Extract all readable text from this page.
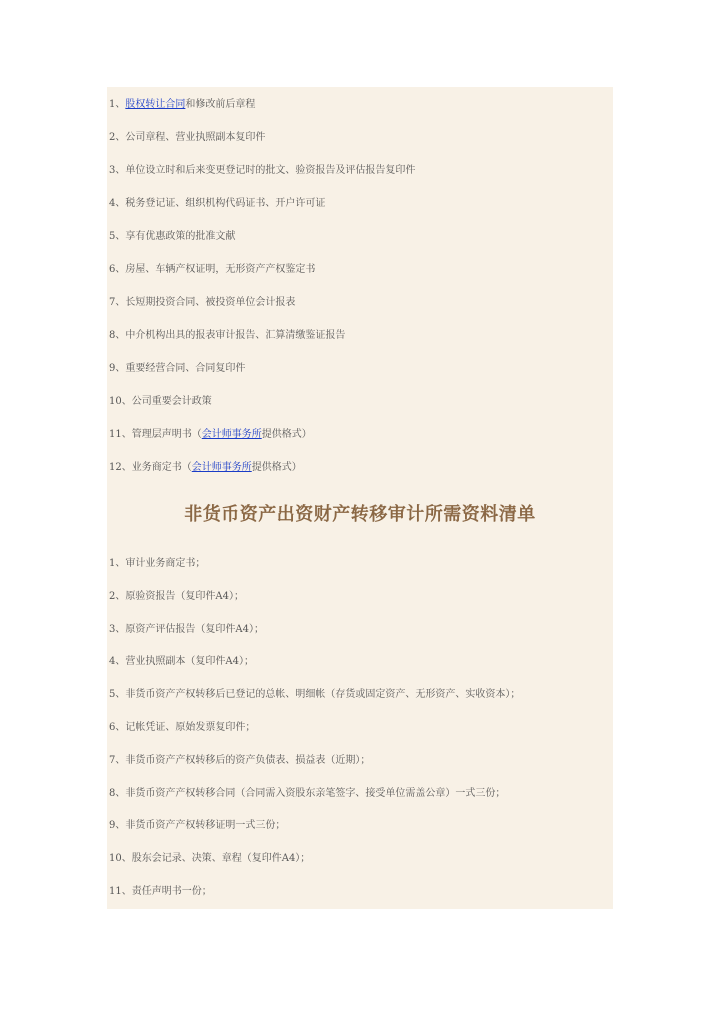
1、股权转让合同和修改前后章程
2、公司章程、营业执照副本复印件
3、单位设立时和后来变更登记时的批文、验资报告及评估报告复印件
4、税务登记证、组织机构代码证书、开户许可证
5、享有优惠政策的批准文献
6、房屋、车辆产权证明，无形资产产权鉴定书
7、长短期投资合同、被投资单位会计报表
8、中介机构出具的报表审计报告、汇算清缴鉴证报告
9、重要经营合同、合同复印件
10、公司重要会计政策
11、管理层声明书（会计师事务所提供格式）
12、业务商定书（会计师事务所提供格式）
非货币资产出资财产转移审计所需资料清单
1、审计业务商定书；
2、原验资报告（复印件A4）；
3、原资产评估报告（复印件A4）；
4、营业执照副本（复印件A4）；
5、非货币资产产权转移后已登记的总帐、明细帐（存货或固定资产、无形资产、实收资本）；
6、记帐凭证、原始发票复印件；
7、非货币资产产权转移后的资产负债表、损益表（近期）；
8、非货币资产产权转移合同（合同需入资股东亲笔签字、接受单位需盖公章）一式三份；
9、非货币资产产权转移证明一式三份；
10、股东会记录、决策、章程（复印件A4）；
11、责任声明书一份；
